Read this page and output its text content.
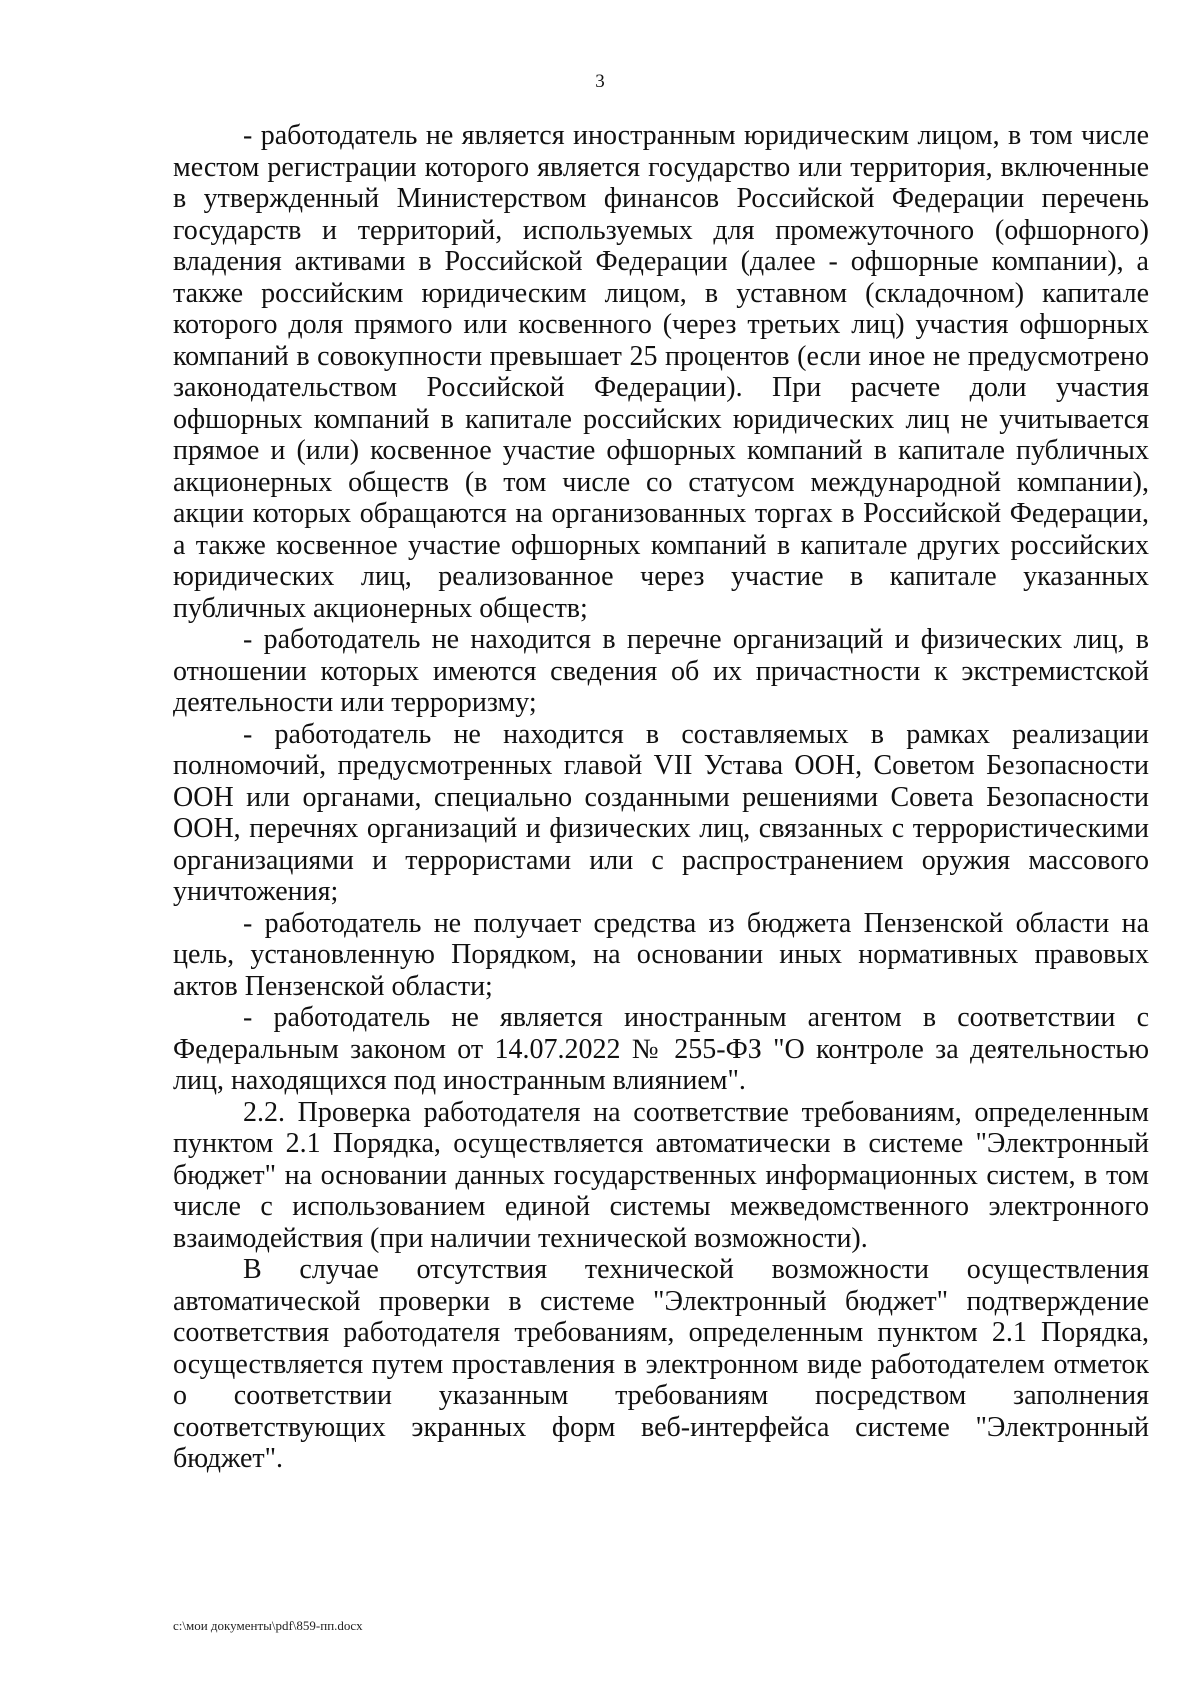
3

- работодатель не является иностранным юридическим лицом, в том числе местом регистрации которого является государство или территория, включенные в утвержденный Министерством финансов Российской Федерации перечень государств и территорий, используемых для промежуточного (офшорного) владения активами в Российской Федерации (далее - офшорные компании), а также российским юридическим лицом, в уставном (складочном) капитале которого доля прямого или косвенного (через третьих лиц) участия офшорных компаний в совокупности превышает 25 процентов (если иное не предусмотрено законодательством Российской Федерации). При расчете доли участия офшорных компаний в капитале российских юридических лиц не учитывается прямое и (или) косвенное участие офшорных компаний в капитале публичных акционерных обществ (в том числе со статусом международной компании), акции которых обращаются на организованных торгах в Российской Федерации, а также косвенное участие офшорных компаний в капитале других российских юридических лиц, реализованное через участие в капитале указанных публичных акционерных обществ;

- работодатель не находится в перечне организаций и физических лиц, в отношении которых имеются сведения об их причастности к экстремистской деятельности или терроризму;

- работодатель не находится в составляемых в рамках реализации полномочий, предусмотренных главой VII Устава ООН, Советом Безопасности ООН или органами, специально созданными решениями Совета Безопасности ООН, перечнях организаций и физических лиц, связанных с террористическими организациями и террористами или с распространением оружия массового уничтожения;

- работодатель не получает средства из бюджета Пензенской области на цель, установленную Порядком, на основании иных нормативных правовых актов Пензенской области;

- работодатель не является иностранным агентом в соответствии с Федеральным законом от 14.07.2022 № 255-ФЗ "О контроле за деятельностью лиц, находящихся под иностранным влиянием".

2.2. Проверка работодателя на соответствие требованиям, определенным пунктом 2.1 Порядка, осуществляется автоматически в системе "Электронный бюджет" на основании данных государственных информационных систем, в том числе с использованием единой системы межведомственного электронного взаимодействия (при наличии технической возможности).

В случае отсутствия технической возможности осуществления автоматической проверки в системе "Электронный бюджет" подтверждение соответствия работодателя требованиям, определенным пунктом 2.1 Порядка, осуществляется путем проставления в электронном виде работодателем отметок о соответствии указанным требованиям посредством заполнения соответствующих экранных форм веб-интерфейса системе "Электронный бюджет".

c:\мои документы\pdf\859-пп.docx
